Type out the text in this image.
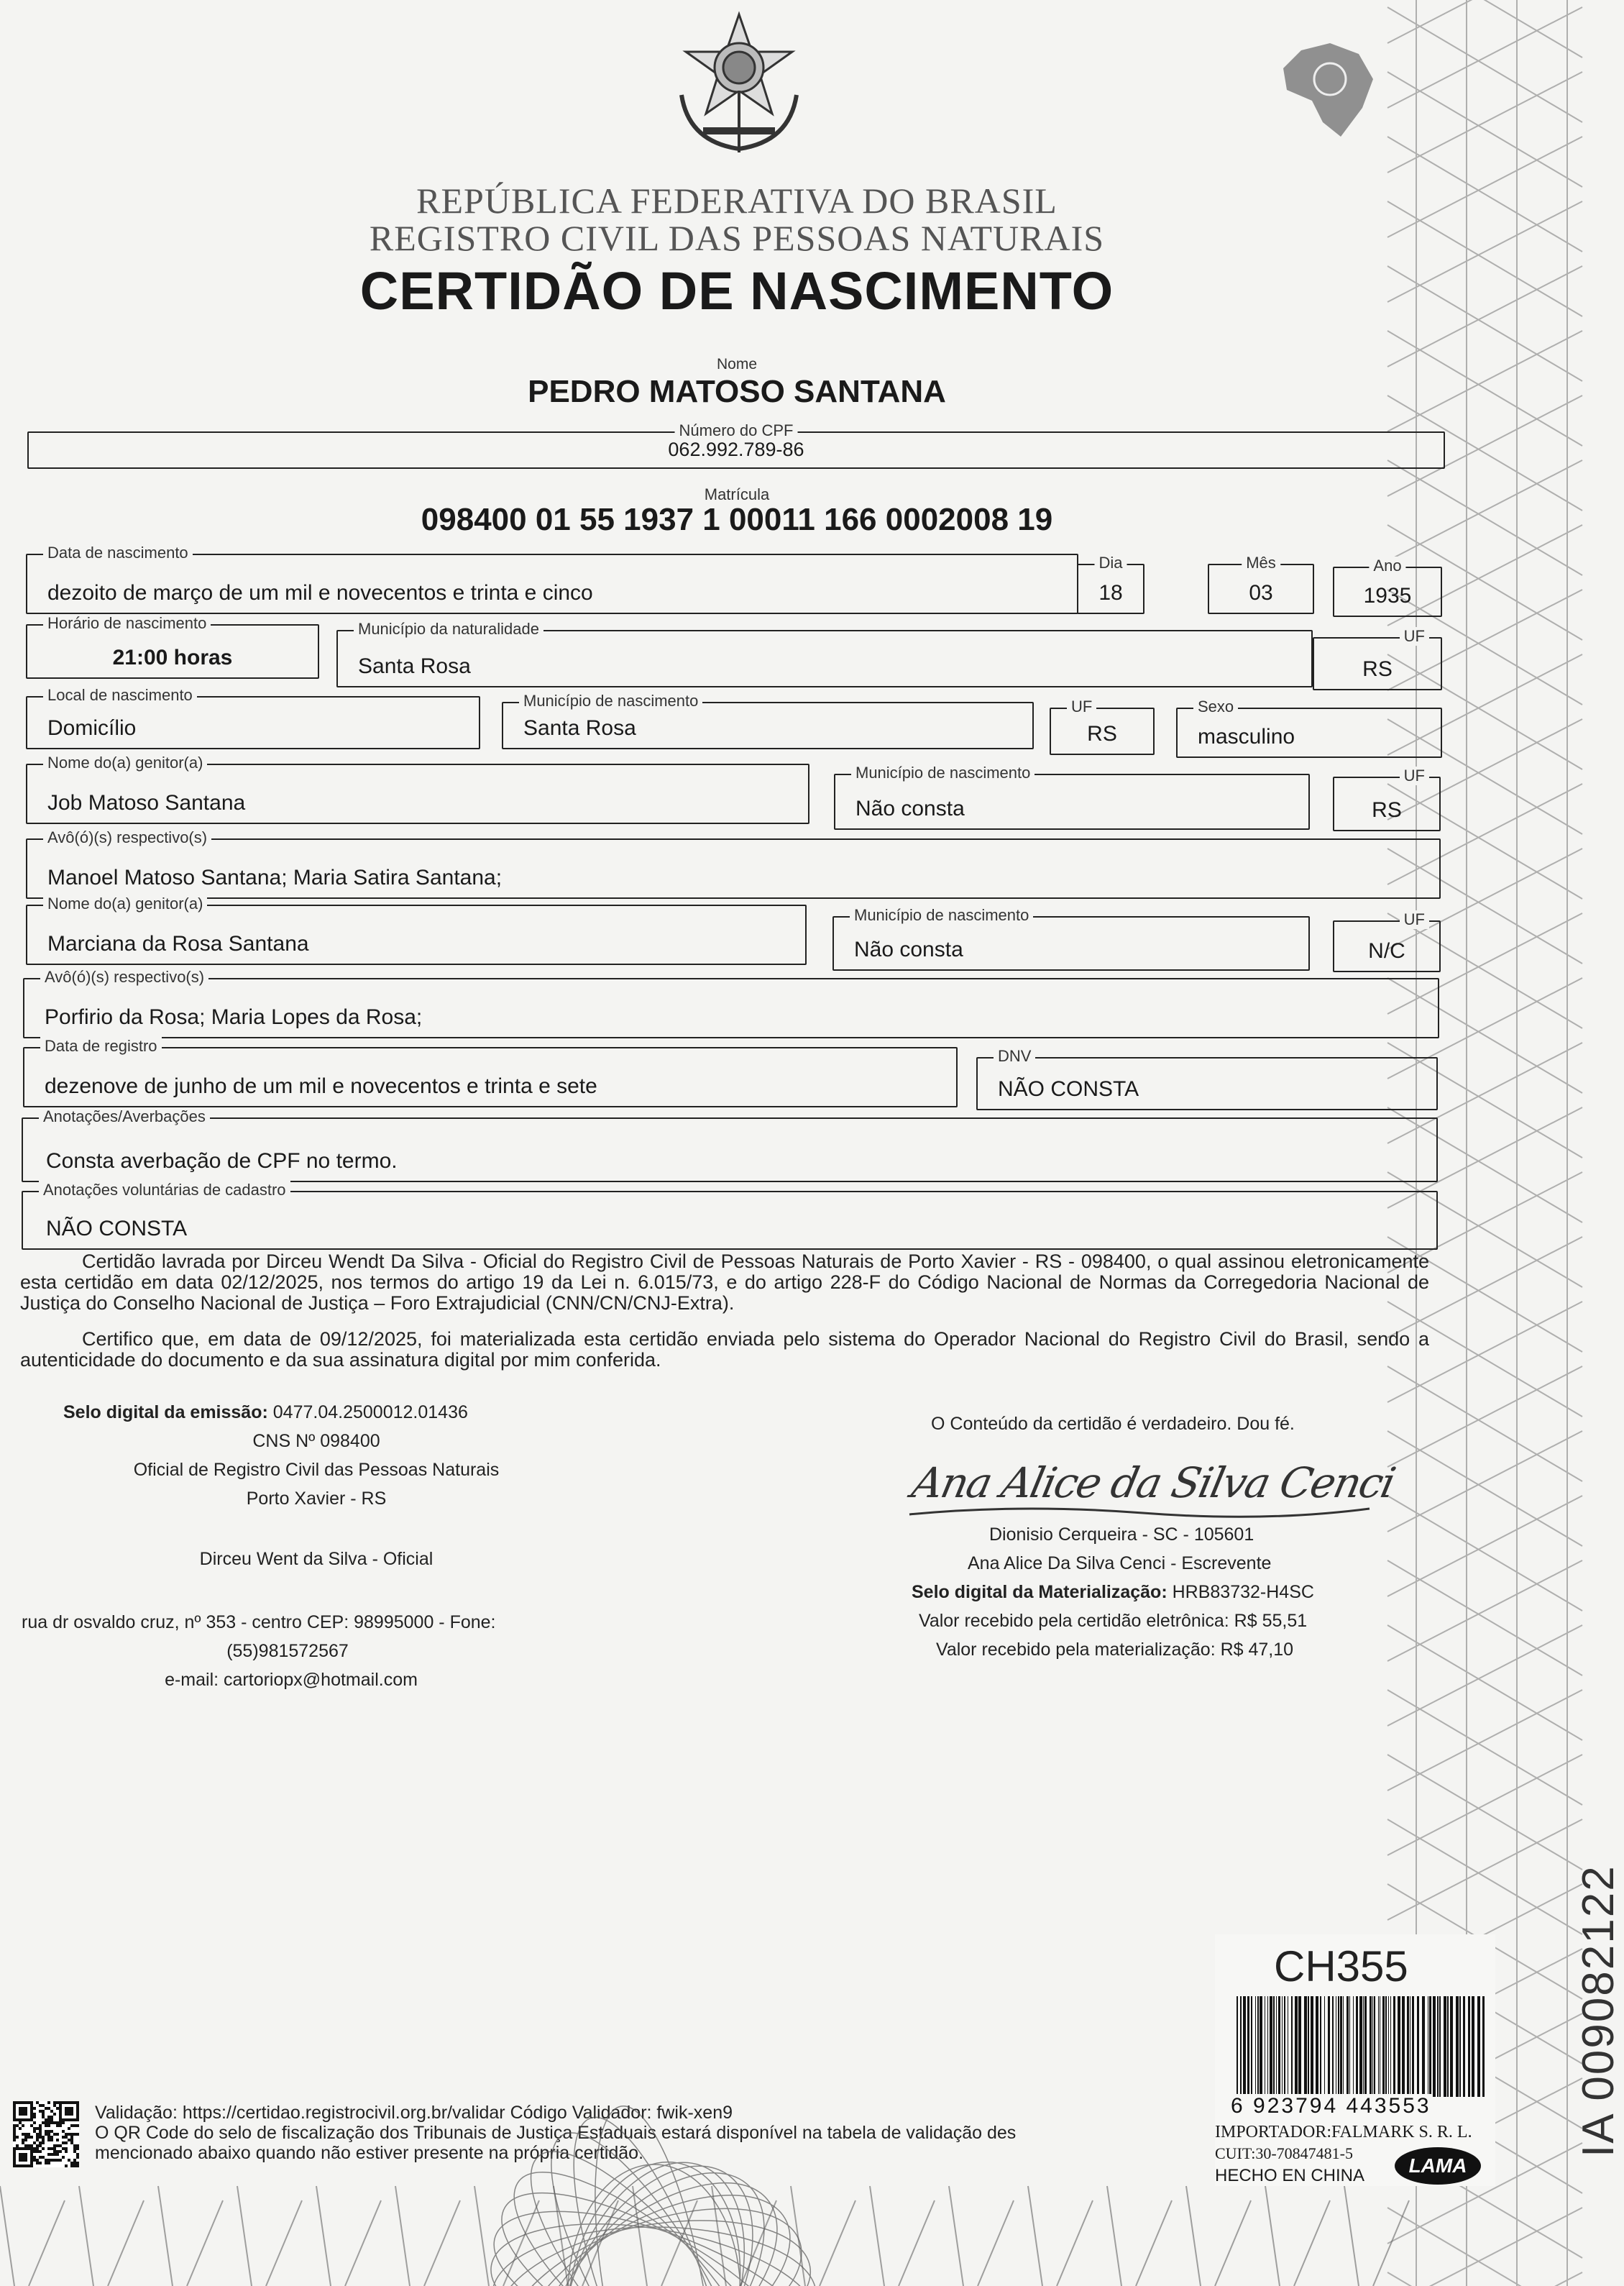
REPÚBLICA FEDERATIVA DO BRASIL
REGISTRO CIVIL DAS PESSOAS NATURAIS
CERTIDÃO DE NASCIMENTO
Nome
PEDRO MATOSO SANTANA
Número do CPF
062.992.789-86
Matrícula
098400 01 55 1937 1 00011 166 0002008 19
Data de nascimento
dezoito de março de um mil e novecentos e trinta e cinco
Dia
18
Mês
03
Ano
1935
Horário de nascimento
21:00 horas
Município da naturalidade
Santa Rosa
UF
RS
Local de nascimento
Domicílio
Município de nascimento
Santa Rosa
UF
RS
Sexo
masculino
Nome do(a) genitor(a)
Job Matoso Santana
Município de nascimento
Não consta
UF
RS
Avô(ó)(s) respectivo(s)
Manoel Matoso Santana; Maria Satira Santana;
Nome do(a) genitor(a)
Marciana da Rosa Santana
Município de nascimento
Não consta
UF
N/C
Avô(ó)(s) respectivo(s)
Porfirio da Rosa; Maria Lopes da Rosa;
Data de registro
dezenove de junho de um mil e novecentos e trinta e sete
DNV
NÃO CONSTA
Anotações/Averbações
Consta averbação de CPF no termo.
Anotações voluntárias de cadastro
NÃO CONSTA
Certidão lavrada por Dirceu Wendt Da Silva - Oficial do Registro Civil de Pessoas Naturais de Porto Xavier - RS - 098400, o qual assinou eletronicamente esta certidão em data 02/12/2025, nos termos do artigo 19 da Lei n. 6.015/73, e do artigo 228-F do Código Nacional de Normas da Corregedoria Nacional de Justiça do Conselho Nacional de Justiça – Foro Extrajudicial (CNN/CN/CNJ-Extra).
Certifico que, em data de 09/12/2025, foi materializada esta certidão enviada pelo sistema do Operador Nacional do Registro Civil do Brasil, sendo a autenticidade do documento e da sua assinatura digital por mim conferida.
Selo digital da emissão: 0477.04.2500012.01436
CNS Nº 098400
Oficial de Registro Civil das Pessoas Naturais
Porto Xavier - RS
Dirceu Went da Silva - Oficial
rua dr osvaldo cruz, nº 353 - centro CEP: 98995000 - Fone:
(55)981572567
e-mail: cartoriopx@hotmail.com
O Conteúdo da certidão é verdadeiro. Dou fé.
Ana Alice da Silva Cenci
Dionisio Cerqueira - SC - 105601
Ana Alice Da Silva Cenci - Escrevente
Selo digital da Materialização: HRB83732-H4SC
Valor recebido pela certidão eletrônica: R$ 55,51
Valor recebido pela materialização: R$ 47,10
Validação: https://certidao.registrocivil.org.br/validar Código Validador: fwik-xen9
O QR Code do selo de fiscalização dos Tribunais de Justiça Estaduais estará disponível na tabela de validação des
mencionado abaixo quando não estiver presente na própria certidão.
CH355
6 923794 443553
IMPORTADOR:FALMARK S. R. L.
CUIT:30-70847481-5
HECHO EN CHINA	LAMA
IA 009082122
